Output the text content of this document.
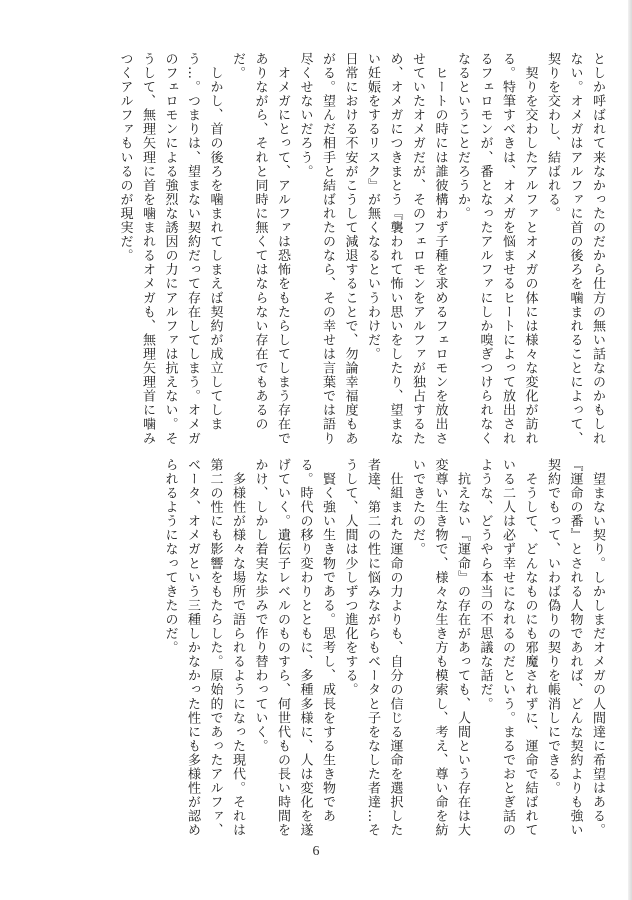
としか呼ばれて来なかったのだから仕方の無い話なのかもしれない。オメガはアルファに首の後ろを噛まれることによって、契りを交わし、結ばれる。

　契りを交わしたアルファとオメガの体には様々な変化が訪れる。特筆すべきは、オメガを悩ませるヒートによって放出されるフェロモンが、番となったアルファにしか嗅ぎつけられなくなるということだろうか。

　ヒートの時には誰彼構わず子種を求めるフェロモンを放出させていたオメガだが、そのフェロモンをアルファが独占するため、オメガにつきまとう『襲われて怖い思いをしたり、望まない妊娠をするリスク』が無くなるというわけだ。

日常における不安がこうして減退することで、勿論幸福度もあがる。望んだ相手と結ばれたのなら、その幸せは言葉では語り尽くせないだろう。

　オメガにとって、アルファは恐怖をもたらしてしまう存在でありながら、それと同時に無くてはならない存在でもあるのだ。

　しかし、首の後ろを噛まれてしまえば契約が成立してしまう…。つまりは、望まない契約だって存在してしまう。オメガのフェロモンによる強烈な誘因の力にアルファは抗えない。そうして、無理矢理に首を噛まれるオメガも、無理矢理首に噛みつくアルファもいるのが現実だ。

　望まない契り。しかしまだオメガの人間達に希望はある。『運命の番』とされる人物であれば、どんな契約よりも強い契約でもって、いわば偽りの契りを帳消しにできる。

　そうして、どんなものにも邪魔されずに、運命で結ばれている二人は必ず幸せになれるのだという。まるでおとぎ話のような、どうやら本当の不思議な話だ。

　抗えない『運命』の存在があっても、人間という存在は大変尊い生き物で、様々な生き方も模索し、考え、尊い命を紡いできたのだ。

　仕組まれた運命の力よりも、自分の信じる運命を選択した者達、第二の性に悩みながらもベータと子をなした者達…そうして、人間は少しずつ進化をする。

　賢く強い生き物である。思考し、成長をする生き物である。時代の移り変わりとともに、多種多様に、人は変化を遂げていく。遺伝子レベルのものすら、何世代もの長い時間をかけ、しかし着実な歩みで作り替わっていく。

　多様性が様々な場所で語られるようになった現代。それは第二の性にも影響をもたらした。原始的であったアルファ、ベータ、オメガという三種しかなかった性にも多様性が認められるようになってきたのだ。

6
